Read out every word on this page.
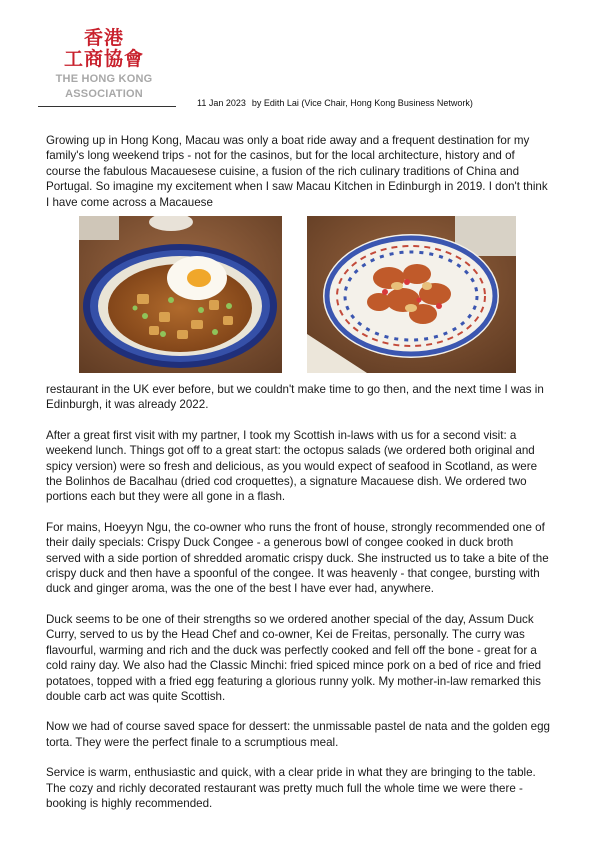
香港
工商協會
THE HONG KONG
ASSOCIATION
11 Jan 2023 by Edith Lai (Vice Chair, Hong Kong Business Network)

Growing up in Hong Kong, Macau was only a boat ride away and a frequent destination for my family's long weekend trips - not for the casinos, but for the local architecture, history and of course the fabulous Macauesese cuisine, a fusion of the rich culinary traditions of China and Portugal. So imagine my excitement when I saw Macau Kitchen in Edinburgh in 2019. I don't think I have come across a Macauese

restaurant in the UK ever before, but we couldn't make time to go then, and the next time I was in Edinburgh, it was already 2022.

After a great first visit with my partner, I took my Scottish in-laws with us for a second visit: a weekend lunch. Things got off to a great start: the octopus salads (we ordered both original and spicy version) were so fresh and delicious, as you would expect of seafood in Scotland, as were the Bolinhos de Bacalhau (dried cod croquettes), a signature Macauese dish. We ordered two portions each but they were all gone in a flash.

For mains, Hoeyyn Ngu, the co-owner who runs the front of house, strongly recommended one of their daily specials: Crispy Duck Congee - a generous bowl of congee cooked in duck broth served with a side portion of shredded aromatic crispy duck. She instructed us to take a bite of the crispy duck and then have a spoonful of the congee. It was heavenly - that congee, bursting with duck and ginger aroma, was the one of the best I have ever had, anywhere.

Duck seems to be one of their strengths so we ordered another special of the day, Assum Duck Curry, served to us by the Head Chef and co-owner, Kei de Freitas, personally. The curry was flavourful, warming and rich and the duck was perfectly cooked and fell off the bone - great for a cold rainy day. We also had the Classic Minchi: fried spiced mince pork on a bed of rice and fried potatoes, topped with a fried egg featuring a glorious runny yolk. My mother-in-law remarked this double carb act was quite Scottish.

Now we had of course saved space for dessert: the unmissable pastel de nata and the golden egg torta. They were the perfect finale to a scrumptious meal.

Service is warm, enthusiastic and quick, with a clear pride in what they are bringing to the table. The cozy and richly decorated restaurant was pretty much full the whole time we were there - booking is highly recommended.
